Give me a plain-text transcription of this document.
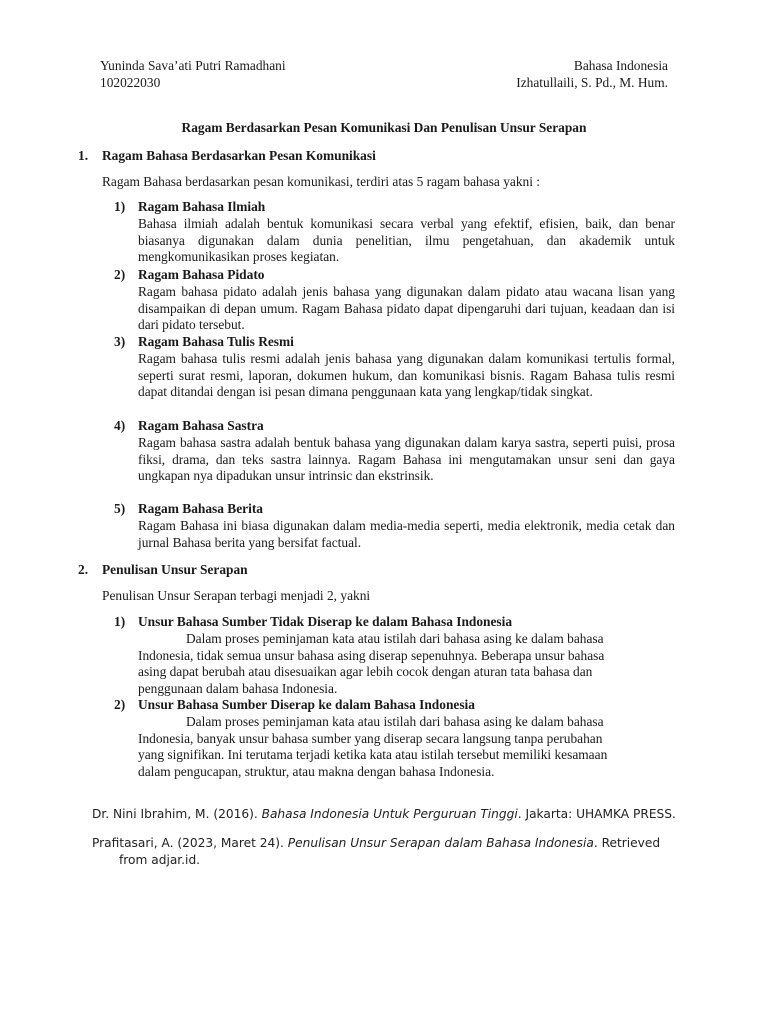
Yuninda Sava’ati Putri Ramadhani	Bahasa Indonesia
102022030	Izhatullaili, S. Pd., M. Hum.
Ragam Berdasarkan Pesan Komunikasi Dan Penulisan Unsur Serapan
1. Ragam Bahasa Berdasarkan Pesan Komunikasi
Ragam Bahasa berdasarkan pesan komunikasi, terdiri atas 5 ragam bahasa yakni :
1) Ragam Bahasa Ilmiah
Bahasa ilmiah adalah bentuk komunikasi secara verbal yang efektif, efisien, baik, dan benar biasanya digunakan dalam dunia penelitian, ilmu pengetahuan, dan akademik untuk mengkomunikasikan proses kegiatan.
2) Ragam Bahasa Pidato
Ragam bahasa pidato adalah jenis bahasa yang digunakan dalam pidato atau wacana lisan yang disampaikan di depan umum. Ragam Bahasa pidato dapat dipengaruhi dari tujuan, keadaan dan isi dari pidato tersebut.
3) Ragam Bahasa Tulis Resmi
Ragam bahasa tulis resmi adalah jenis bahasa yang digunakan dalam komunikasi tertulis formal, seperti surat resmi, laporan, dokumen hukum, dan komunikasi bisnis. Ragam Bahasa tulis resmi dapat ditandai dengan isi pesan dimana penggunaan kata yang lengkap/tidak singkat.
4) Ragam Bahasa Sastra
Ragam bahasa sastra adalah bentuk bahasa yang digunakan dalam karya sastra, seperti puisi, prosa fiksi, drama, dan teks sastra lainnya. Ragam Bahasa ini mengutamakan unsur seni dan gaya ungkapan nya dipadukan unsur intrinsic dan ekstrinsik.
5) Ragam Bahasa Berita
Ragam Bahasa ini biasa digunakan dalam media-media seperti, media elektronik, media cetak dan jurnal Bahasa berita yang bersifat factual.
2. Penulisan Unsur Serapan
Penulisan Unsur Serapan terbagi menjadi 2, yakni
1) Unsur Bahasa Sumber Tidak Diserap ke dalam Bahasa Indonesia
Dalam proses peminjaman kata atau istilah dari bahasa asing ke dalam bahasa
Indonesia, tidak semua unsur bahasa asing diserap sepenuhnya. Beberapa unsur bahasa
asing dapat berubah atau disesuaikan agar lebih cocok dengan aturan tata bahasa dan
penggunaan dalam bahasa Indonesia.
2) Unsur Bahasa Sumber Diserap ke dalam Bahasa Indonesia
Dalam proses peminjaman kata atau istilah dari bahasa asing ke dalam bahasa
Indonesia, banyak unsur bahasa sumber yang diserap secara langsung tanpa perubahan
yang signifikan. Ini terutama terjadi ketika kata atau istilah tersebut memiliki kesamaan
dalam pengucapan, struktur, atau makna dengan bahasa Indonesia.
Dr. Nini Ibrahim, M. (2016). Bahasa Indonesia Untuk Perguruan Tinggi. Jakarta: UHAMKA PRESS.
Prafitasari, A. (2023, Maret 24). Penulisan Unsur Serapan dalam Bahasa Indonesia. Retrieved from adjar.id.
